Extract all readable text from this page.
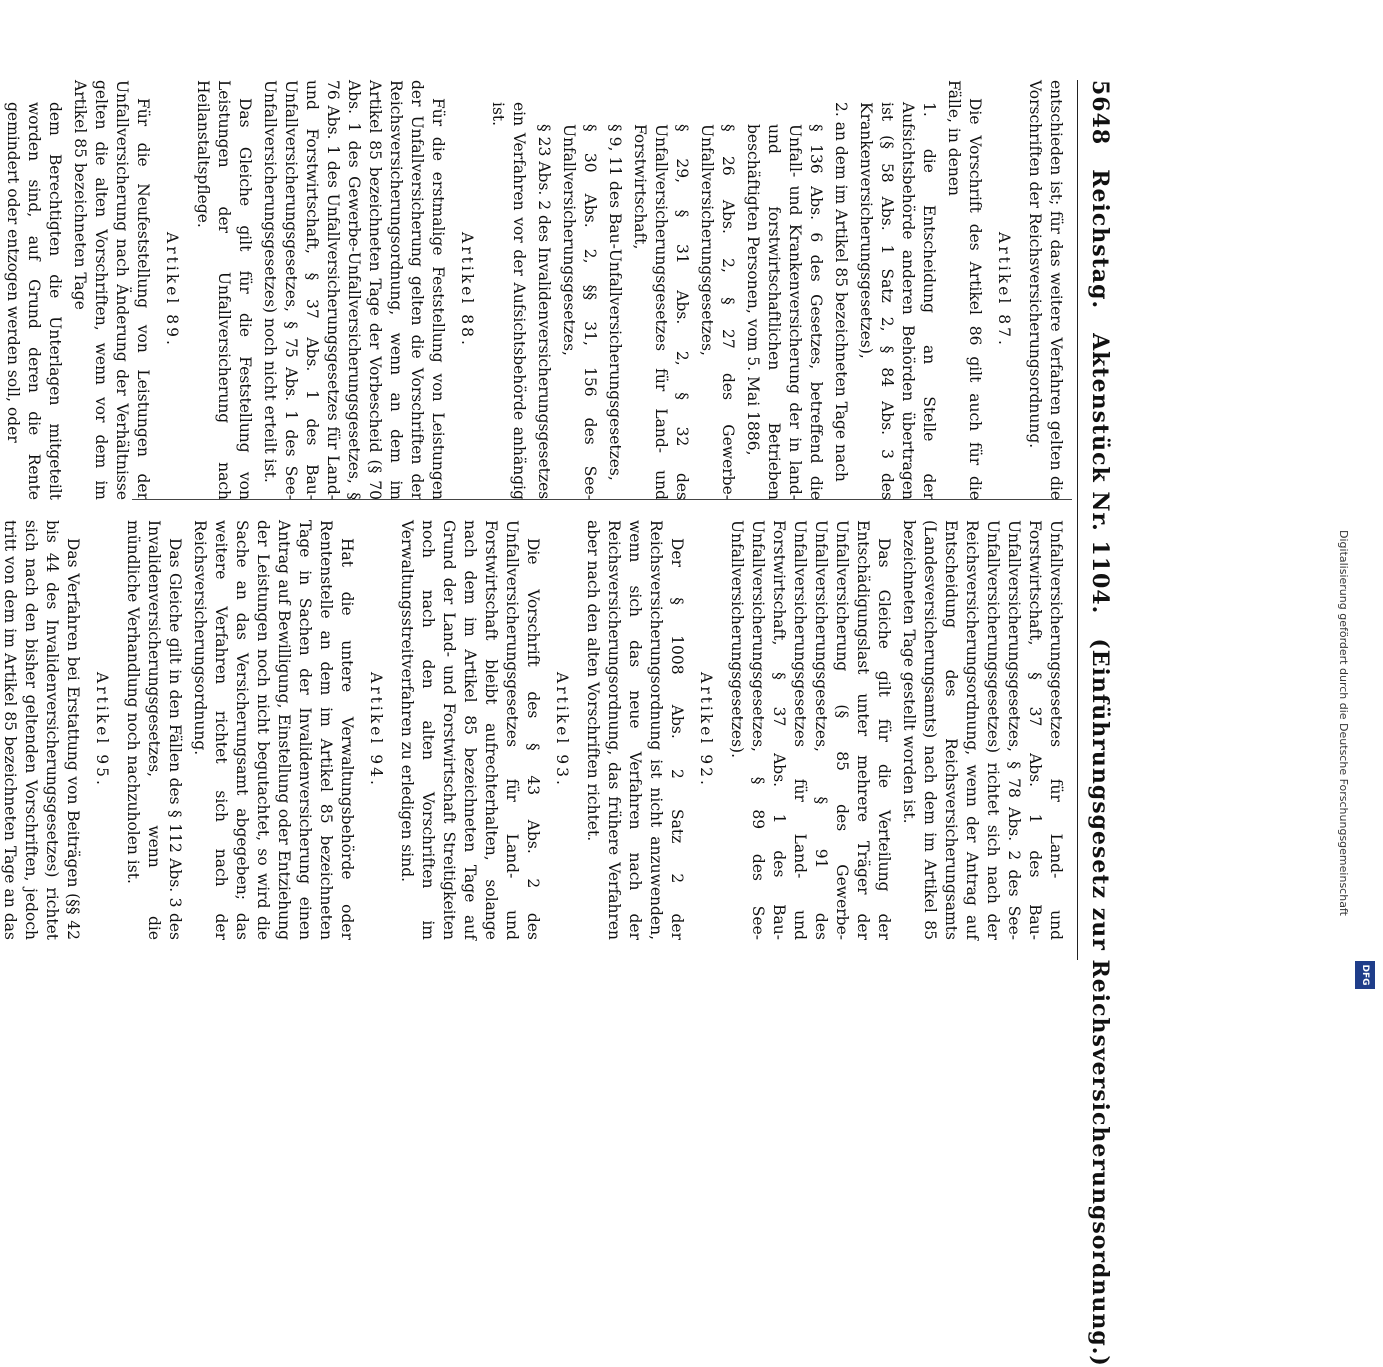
5648
Reichstag.
Aktenstück Nr. 1104.
(Einführungsgesetz zur Reichsversicherungsordnung.)

entschieden ist; für das weitere Verfahren gelten die Vorschriften der Reichsversicherungsordnung.

Artikel 87.

Die Vorschrift des Artikel 86 gilt auch für die Fälle, in denen

1. die Entscheidung an Stelle der Aufsichtsbehörde anderen Behörden übertragen ist (§ 58 Abs. 1 Satz 2, § 84 Abs. 3 des Krankenversicherungsgesetzes),

2. an dem im Artikel 85 bezeichneten Tage nach

§ 136 Abs. 6 des Gesetzes, betreffend die Unfall- und Krankenversicherung der in land- und forstwirtschaftlichen Betrieben beschäftigten Personen, vom 5. Mai 1886,

§ 26 Abs. 2, § 27 des Gewerbe-Unfallversicherungsgesetzes,

§ 29, § 31 Abs. 2, § 32 des Unfallversicherungsgesetzes für Land- und Forstwirtschaft,

§ 9, 11 des Bau-Unfallversicherungsgesetzes,

§ 30 Abs. 2, §§ 31, 156 des See-Unfallversicherungsgesetzes,

§ 23 Abs. 2 des Invalidenversicherungsgesetzes

ein Verfahren vor der Aufsichtsbehörde anhängig ist.

Artikel 88.

Für die erstmalige Feststellung von Leistungen der Unfallversicherung gelten die Vorschriften der Reichsversicherungsordnung, wenn an dem im Artikel 85 bezeichneten Tage der Vorbescheid (§ 70 Abs. 1 des Gewerbe-Unfallversicherungsgesetzes, § 76 Abs. 1 des Unfallversicherungsgesetzes für Land- und Forstwirtschaft, § 37 Abs. 1 des Bau-Unfallversicherungsgesetzes, § 75 Abs. 1 des See-Unfallversicherungsgesetzes) noch nicht erteilt ist.

Das Gleiche gilt für die Feststellung von Leistungen der Unfallversicherung nach Heilanstaltspflege.

Artikel 89.

Für die Neufeststellung von Leistungen der Unfallversicherung nach Änderung der Verhältnisse gelten die alten Vorschriften, wenn vor dem im Artikel 85 bezeichneten Tage

dem Berechtigten die Unterlagen mitgeteilt worden sind, auf Grund deren die Rente gemindert oder entzogen werden soll, oder

Unfallversicherungsgesetzes für Land- und Forstwirtschaft, § 37 Abs. 1 des Bau-Unfallversicherungsgesetzes, § 78 Abs. 2 des See-Unfallversicherungsgesetzes) richtet sich nach der Reichsversicherungsordnung, wenn der Antrag auf Entscheidung des Reichsversicherungsamts (Landesversicherungsamts) nach dem im Artikel 85 bezeichneten Tage gestellt worden ist.

Das Gleiche gilt für die Verteilung der Entschädigungslast unter mehrere Träger der Unfallversicherung (§ 85 des Gewerbe-Unfallversicherungsgesetzes, § 91 des Unfallversicherungsgesetzes für Land- und Forstwirtschaft, § 37 Abs. 1 des Bau-Unfallversicherungsgesetzes, § 89 des See-Unfallversicherungsgesetzes).

Artikel 92.

Der § 1008 Abs. 2 Satz 2 der Reichsversicherungsordnung ist nicht anzuwenden, wenn sich das neue Verfahren nach der Reichsversicherungsordnung, das frühere Verfahren aber nach den alten Vorschriften richtet.

Artikel 93.

Die Vorschrift des § 43 Abs. 2 des Unfallversicherungsgesetzes für Land- und Forstwirtschaft bleibt aufrechterhalten, solange nach dem im Artikel 85 bezeichneten Tage auf Grund der Land- und Forstwirtschaft Streitigkeiten noch nach den alten Vorschriften im Verwaltungsstreitverfahren zu erledigen sind.

Artikel 94.

Hat die untere Verwaltungsbehörde oder Rentenstelle an dem im Artikel 85 bezeichneten Tage in Sachen der Invalidenversicherung einen Antrag auf Bewilligung, Einstellung oder Entziehung der Leistungen noch nicht begutachtet, so wird die Sache an das Versicherungsamt abgegeben; das weitere Verfahren richtet sich nach der Reichsversicherungsordnung.

Das Gleiche gilt in den Fällen des § 112 Abs. 3 des Invalidenversicherungsgesetzes, wenn die mündliche Verhandlung noch nachzuholen ist.

Artikel 95.

Das Verfahren bei Erstattung von Beiträgen (§§ 42 bis 44 des Invalidenversicherungsgesetzes) richtet sich nach den bisher geltenden Vorschriften, jedoch tritt von dem im Artikel 85 bezeichneten Tage an das

Digitalisierung gefördert durch die Deutsche Forschungsgemeinschaft
DFG
